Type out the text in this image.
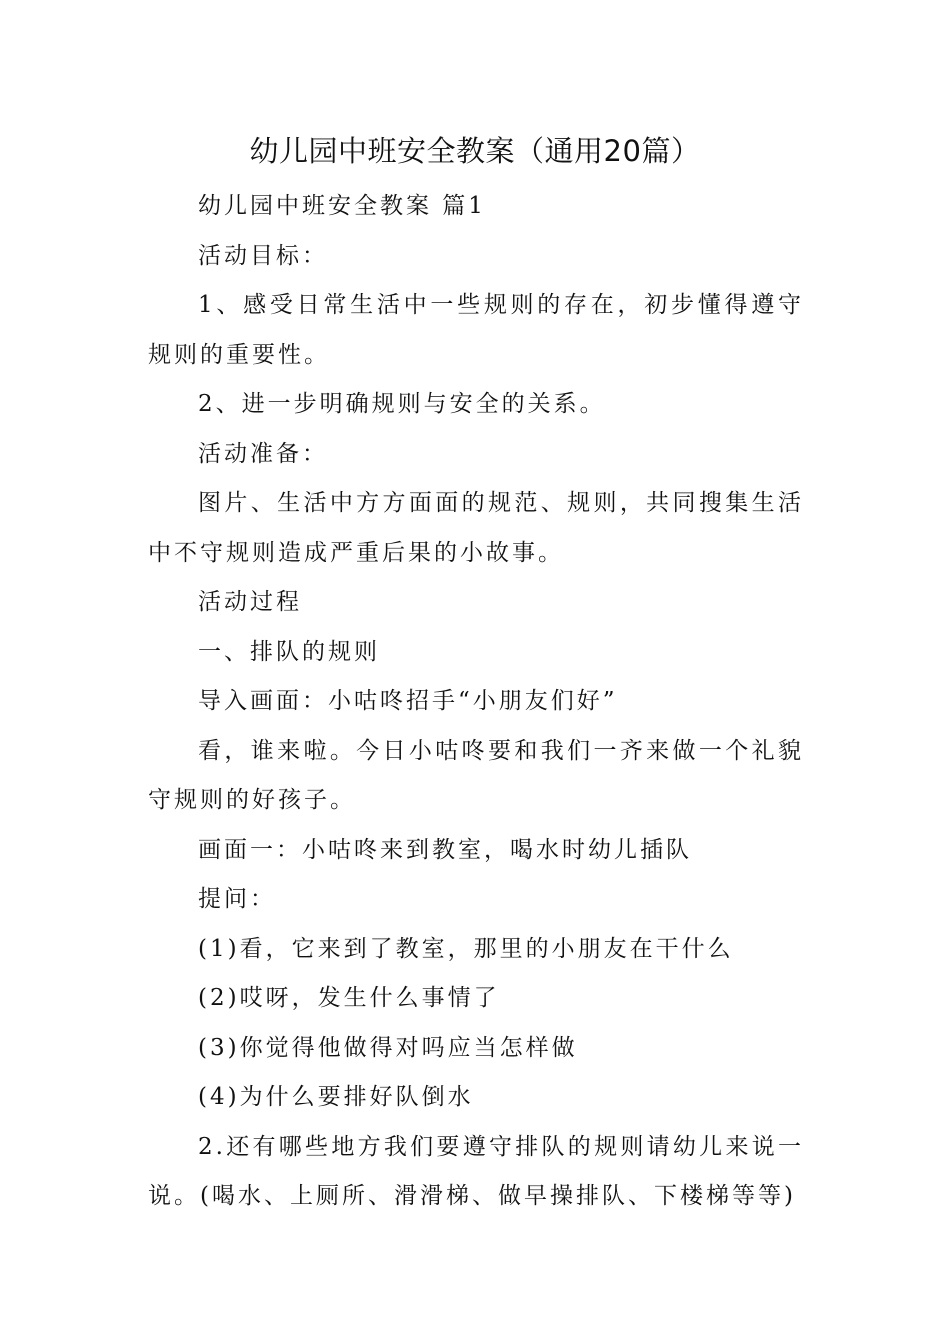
幼儿园中班安全教案（通用20篇）

幼儿园中班安全教案 篇1

活动目标：

1、感受日常生活中一些规则的存在，初步懂得遵守规则的重要性。

2、进一步明确规则与安全的关系。

活动准备：

图片、生活中方方面面的规范、规则，共同搜集生活中不守规则造成严重后果的小故事。

活动过程

一、排队的规则

导入画面：小咕咚招手“小朋友们好”

看，谁来啦。今日小咕咚要和我们一齐来做一个礼貌守规则的好孩子。

画面一：小咕咚来到教室，喝水时幼儿插队

提问：

(1)看，它来到了教室，那里的小朋友在干什么

(2)哎呀，发生什么事情了

(3)你觉得他做得对吗应当怎样做

(4)为什么要排好队倒水

2.还有哪些地方我们要遵守排队的规则请幼儿来说一说。(喝水、上厕所、滑滑梯、做早操排队、下楼梯等等)
